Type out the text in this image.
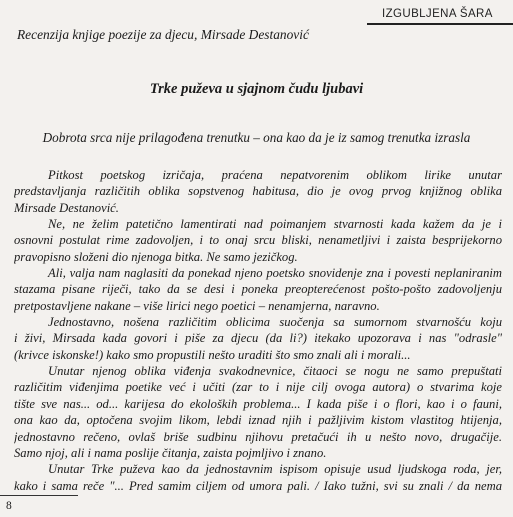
IZGUBLJENA ŠARA
Recenzija knjige poezije za djecu, Mirsade Destanović
Trke puževa u sjajnom čudu ljubavi
Dobrota srca nije prilagođena trenutku – ona kao da je iz samog trenutka izrasla
Pitkost poetskog izričaja, praćena nepatvorenim oblikom lirike unutar
predstavljanja različitih oblika sopstvenog habitusa, dio je ovog prvog knjižnog oblika
Mirsade Destanović.
Ne, ne želim patetično lamentirati nad poimanjem stvarnosti kada kažem da je i
osnovni postulat rime zadovoljen, i to onaj srcu bliski, nenametljivi i zaista besprijekorno
pravopisno složeni dio njenoga bitka. Ne samo jezičkog.
Ali, valja nam naglasiti da ponekad njeno poetsko snovidenje zna i povesti neplaniranim
stazama pisane riječi, tako da se desi i poneka preopterećenost pošto-pošto zadovoljenju
pretpostavljene nakane – više lirici nego poetici – nenamjerna, naravno.
Jednostavno, nošena različitim oblicima suočenja sa sumornom stvarnošću koju
i živi, Mirsada kada govori i piše za djecu (da li?) itekako upozorava i nas "odrasle"
(krivce iskonske!) kako smo propustili nešto uraditi što smo znali ali i morali...
Unutar njenog oblika viđenja svakodnevnice, čitaoci se nogu ne samo prepuštati
različitim viđenjima poetike već i učiti (zar to i nije cilj ovoga autora) o stvarima koje
tište sve nas... od... karijesa do ekoloških problema... I kada piše i o flori, kao i o fauni,
ona kao da, optočena svojim likom, lebdi iznad njih i pažljivim kistom vlastitog htijenja,
jednostavno rečeno, ovlaš briše sudbinu njihovu pretačući ih u nešto novo, drugačije.
Samo njoj, ali i nama poslije čitanja, zaista pojmljivo i znano.
Unutar Trke puževa kao da jednostavnim ispisom opisuje usud ljudskoga roda, jer,
kako i sama reče "... Pred samim ciljem od umora pali. / Iako tužni, svi su znali / da nema
8
